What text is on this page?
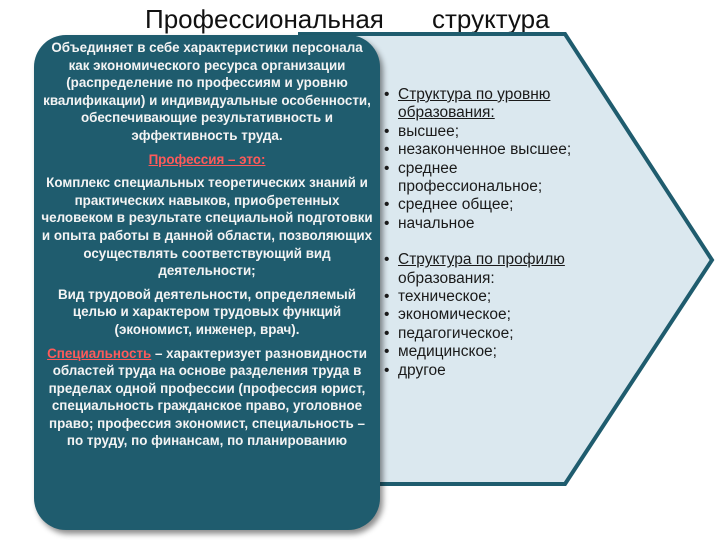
Профессиональная структура

Объединяет в себе характеристики персонала как экономического ресурса организации (распределение по профессиям и уровню квалификации) и индивидуальные особенности, обеспечивающие результативность и эффективность труда.

Профессия – это:

Комплекс специальных теоретических знаний и практических навыков, приобретенных человеком в результате специальной подготовки и опыта работы в данной области, позволяющих осуществлять соответствующий вид деятельности;

Вид трудовой деятельности, определяемый целью и характером трудовых функций (экономист, инженер, врач).

Специальность – характеризует разновидности областей труда на основе разделения труда в пределах одной профессии (профессия юрист, специальность гражданское право, уголовное право; профессия экономист, специальность – по труду, по финансам, по планированию

• Структура по уровню образования:
• высшее;
• незаконченное высшее;
• среднее профессиональное;
• среднее общее;
• начальное
• Структура по профилю образования:
• техническое;
• экономическое;
• педагогическое;
• медицинское;
• другое
